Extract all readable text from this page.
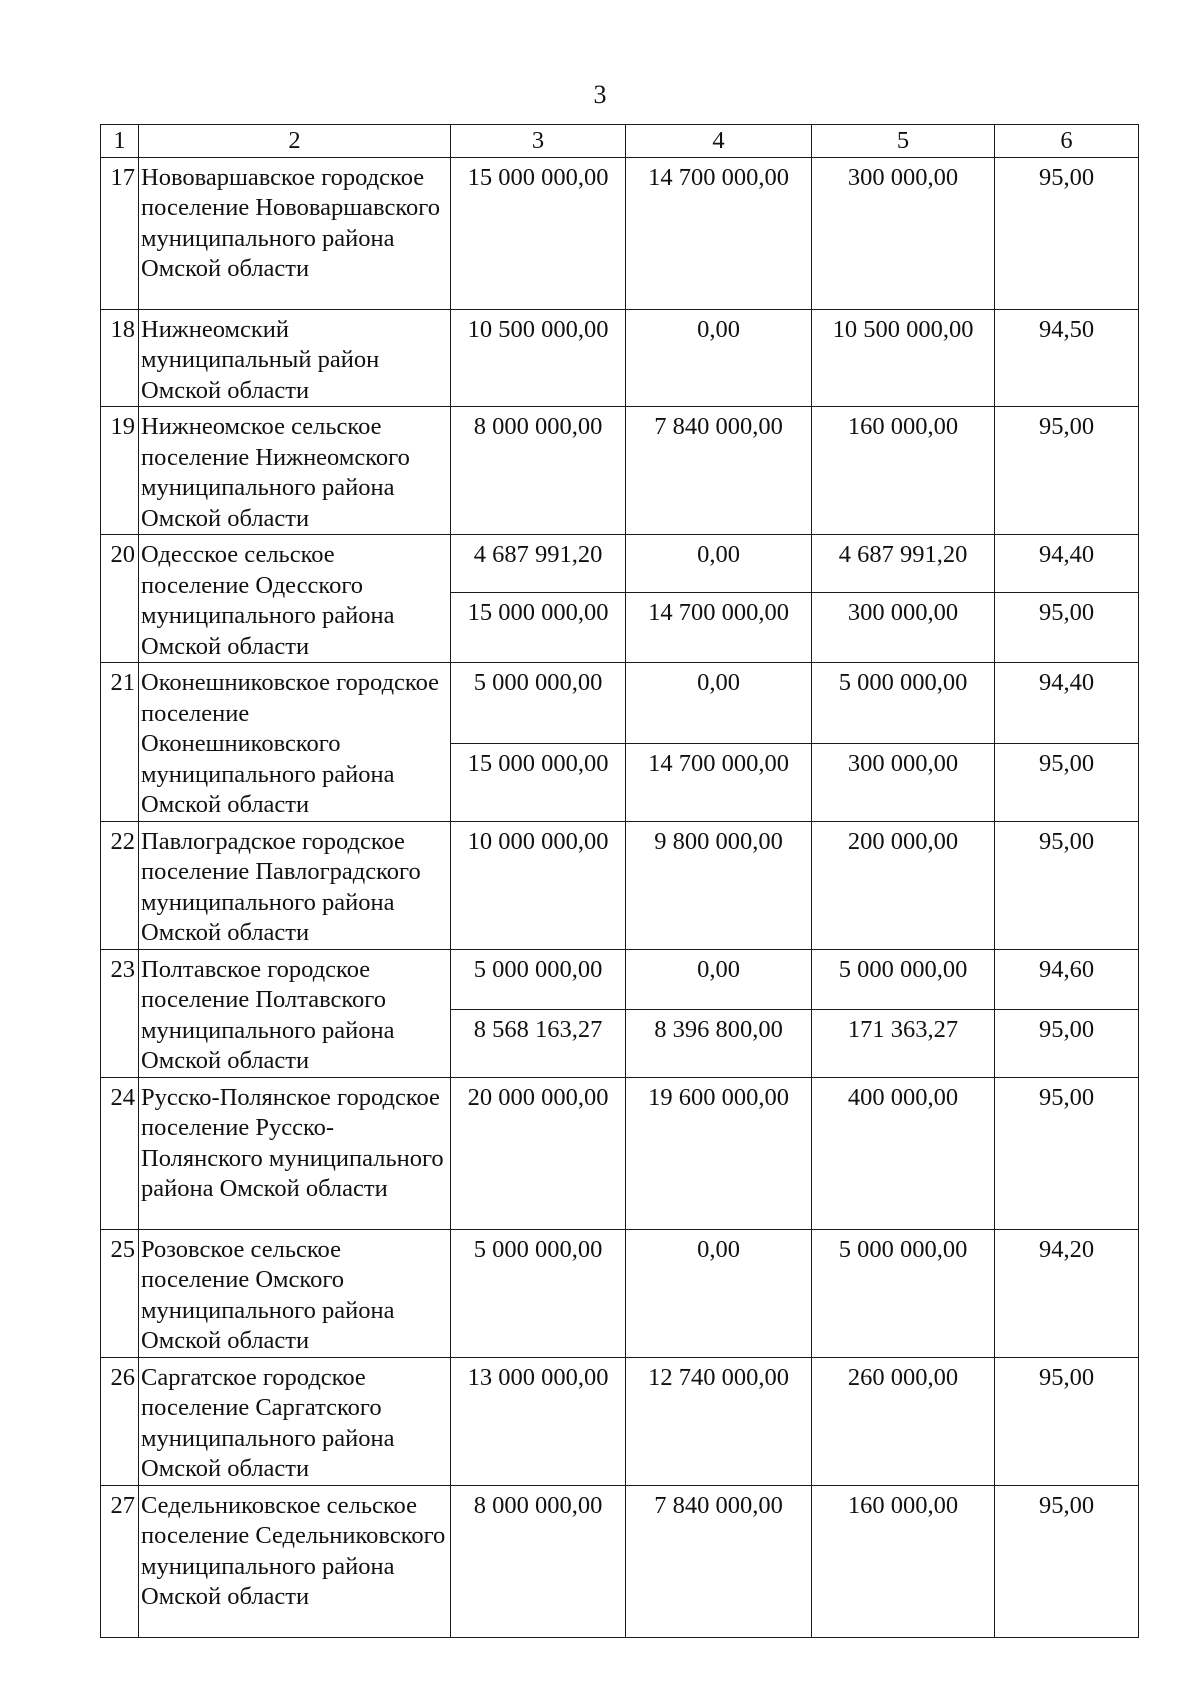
3
1	2	3	4	5	6
17	Нововаршавское городское поселение Нововаршавского муниципального района Омской области	15 000 000,00	14 700 000,00	300 000,00	95,00
18	Нижнеомский муниципальный район Омской области	10 500 000,00	0,00	10 500 000,00	94,50
19	Нижнеомское сельское поселение Нижнеомского муниципального района Омской области	8 000 000,00	7 840 000,00	160 000,00	95,00
20	Одесское сельское поселение Одесского муниципального района Омской области	4 687 991,20	0,00	4 687 991,20	94,40
		15 000 000,00	14 700 000,00	300 000,00	95,00
21	Оконешниковское городское поселение Оконешниковского муниципального района Омской области	5 000 000,00	0,00	5 000 000,00	94,40
		15 000 000,00	14 700 000,00	300 000,00	95,00
22	Павлоградское городское поселение Павлоградского муниципального района Омской области	10 000 000,00	9 800 000,00	200 000,00	95,00
23	Полтавское городское поселение Полтавского муниципального района Омской области	5 000 000,00	0,00	5 000 000,00	94,60
		8 568 163,27	8 396 800,00	171 363,27	95,00
24	Русско-Полянское городское поселение Русско-Полянского муниципального района Омской области	20 000 000,00	19 600 000,00	400 000,00	95,00
25	Розовское сельское поселение Омского муниципального района Омской области	5 000 000,00	0,00	5 000 000,00	94,20
26	Саргатское городское поселение Саргатского муниципального района Омской области	13 000 000,00	12 740 000,00	260 000,00	95,00
27	Седельниковское сельское поселение Седельниковского муниципального района Омской области	8 000 000,00	7 840 000,00	160 000,00	95,00
